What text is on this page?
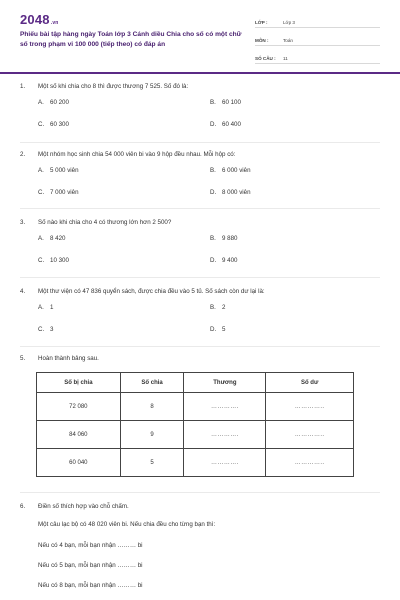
2048.vn
Phiếu bài tập hàng ngày Toán lớp 3 Cánh diều Chia cho số có một chữ số trong phạm vi 100 000 (tiếp theo) có đáp án
LỚP :	Lớp 3
MÔN :	Toán
SỐ CÂU :	11
1.	Một số khi chia cho 8 thì được thương 7 525. Số đó là:
A. 60 200	B. 60 100
C. 60 300	D. 60 400
2.	Một nhóm học sinh chia 54 000 viên bi vào 9 hộp đều nhau. Mỗi hộp có:
A. 5 000 viên	B. 6 000 viên
C. 7 000 viên	D. 8 000 viên
3.	Số nào khi chia cho 4 có thương lớn hơn 2 500?
A. 8 420	B. 9 880
C. 10 300	D. 9 400
4.	Một thư viện có 47 836 quyển sách, được chia đều vào 5 tủ. Số sách còn dư lại là:
A. 1	B. 2
C. 3	D. 5
5.	Hoàn thành bảng sau.
Số bị chia	Số chia	Thương	Số dư
72 080	8	………….	…………..
84 060	9	………….	…………..
60 040	5	………….	…………..
6.	Điền số thích hợp vào chỗ chấm.
Một câu lạc bộ có 48 020 viên bi. Nếu chia đều cho từng bạn thì:
Nếu có 4 bạn, mỗi bạn nhận ……… bi
Nếu có 5 bạn, mỗi bạn nhận ……… bi
Nếu có 8 bạn, mỗi bạn nhận ……… bi
